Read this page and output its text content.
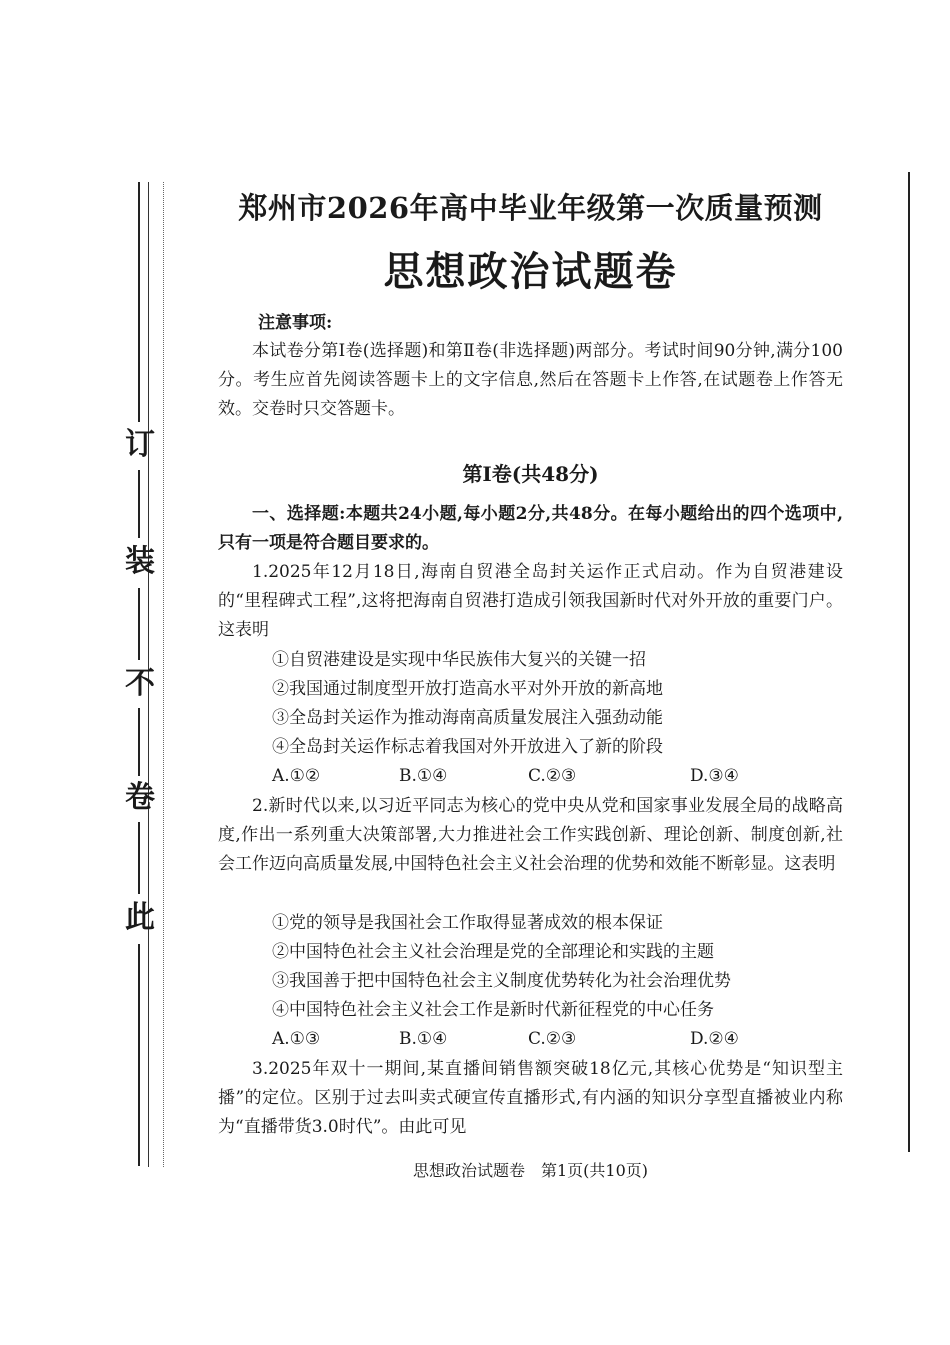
订
装
不
卷
此
郑州市2026年高中毕业年级第一次质量预测
思想政治试题卷
注意事项:
本试卷分第Ⅰ卷(选择题)和第Ⅱ卷(非选择题)两部分。考试时间90分钟,满分100分。考生应首先阅读答题卡上的文字信息,然后在答题卡上作答,在试题卷上作答无效。交卷时只交答题卡。
第Ⅰ卷(共48分)
一、选择题:本题共24小题,每小题2分,共48分。在每小题给出的四个选项中,只有一项是符合题目要求的。
1.2025年12月18日,海南自贸港全岛封关运作正式启动。作为自贸港建设的“里程碑式工程”,这将把海南自贸港打造成引领我国新时代对外开放的重要门户。这表明
①自贸港建设是实现中华民族伟大复兴的关键一招
②我国通过制度型开放打造高水平对外开放的新高地
③全岛封关运作为推动海南高质量发展注入强劲动能
④全岛封关运作标志着我国对外开放进入了新的阶段
A.①②	B.①④	C.②③	D.③④
2.新时代以来,以习近平同志为核心的党中央从党和国家事业发展全局的战略高度,作出一系列重大决策部署,大力推进社会工作实践创新、理论创新、制度创新,社会工作迈向高质量发展,中国特色社会主义社会治理的优势和效能不断彰显。这表明
①党的领导是我国社会工作取得显著成效的根本保证
②中国特色社会主义社会治理是党的全部理论和实践的主题
③我国善于把中国特色社会主义制度优势转化为社会治理优势
④中国特色社会主义社会工作是新时代新征程党的中心任务
A.①③	B.①④	C.②③	D.②④
3.2025年双十一期间,某直播间销售额突破18亿元,其核心优势是“知识型主播”的定位。区别于过去叫卖式硬宣传直播形式,有内涵的知识分享型直播被业内称为“直播带货3.0时代”。由此可见
思想政治试题卷　第1页(共10页)
